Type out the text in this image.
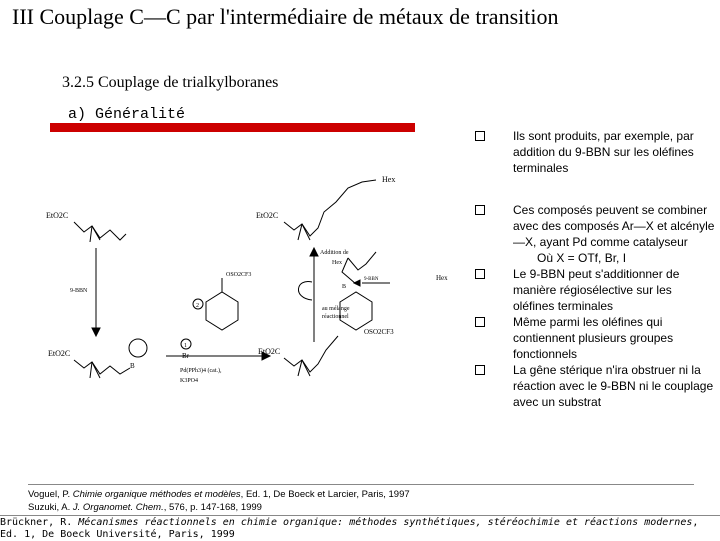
III Couplage C—C par l'intermédiaire de métaux de transition
3.2.5 Couplage de trialkylboranes
a) Généralité
Hex
EtO2C	EtO2C
9-BBN
Addition de
Hex
9-BBN	Hex
B
au mélange
réactionnel
2
OSO2CF3
1
Br
EtO2C
B
Pd(PPh3)4 (cat.),
K3PO4
EtO2C
OSO2CF3
Ils sont produits, par exemple, par addition du 9-BBN sur les oléfines terminales
Ces composés peuvent se combiner avec des composés Ar—X et alcényle—X, ayant Pd comme catalyseur
Où X = OTf, Br, I
Le 9-BBN peut s'additionner de manière régiosélective sur les oléfines terminales
Même parmi les oléfines qui contiennent plusieurs groupes fonctionnels
La gêne stérique n'ira obstruer ni la réaction avec le 9-BBN ni le couplage avec un substrat
Voguel, P. Chimie organique méthodes et modèles, Ed. 1, De Boeck et Larcier, Paris, 1997
Suzuki, A. J. Organomet. Chem., 576, p. 147-168, 1999
Brückner, R. Mécanismes réactionnels en chimie organique: méthodes synthétiques, stéréochimie et réactions modernes, Ed. 1, De Boeck Université, Paris, 1999
